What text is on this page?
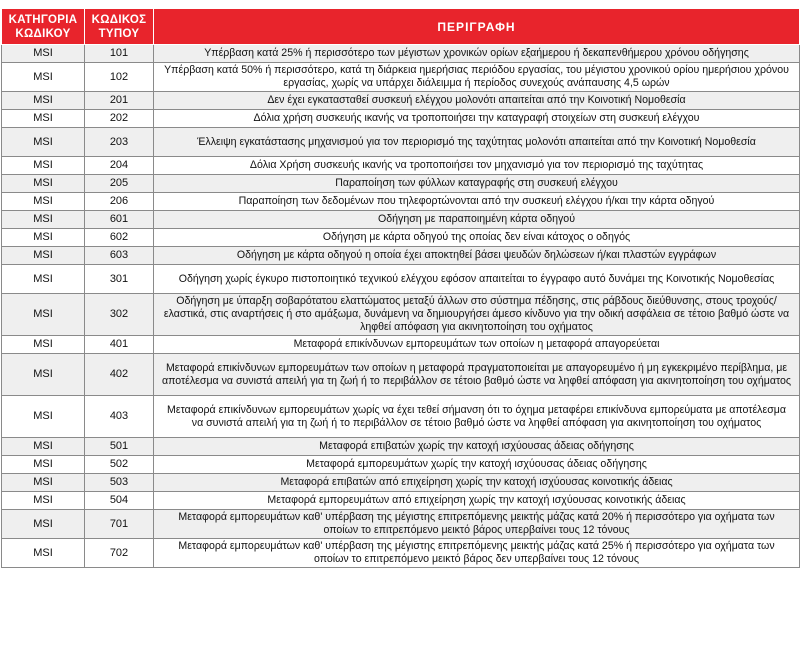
ΚΑΤΗΓΟΡΙΑ ΚΩΔΙΚΟΥ	ΚΩΔΙΚΟΣ ΤΥΠΟΥ	ΠΕΡΙΓΡΑΦΗ
MSI	101	Υπέρβαση κατά 25% ή περισσότερο των μέγιστων χρονικών ορίων εξαήμερου ή δεκαπενθήμερου χρόνου οδήγησης
MSI	102	Υπέρβαση κατά 50% ή περισσότερο, κατά τη διάρκεια ημερήσιας περιόδου εργασίας, του μέγιστου χρονικού ορίου ημερήσιου χρόνου εργασίας, χωρίς να υπάρχει διάλειμμα ή περίοδος συνεχούς ανάπαυσης 4,5 ωρών
MSI	201	Δεν έχει εγκατασταθεί συσκευή ελέγχου μολονότι απαιτείται από την Κοινοτική Νομοθεσία
MSI	202	Δόλια χρήση συσκευής ικανής να τροποποιήσει την καταγραφή στοιχείων στη συσκευή ελέγχου
MSI	203	Έλλειψη εγκατάστασης μηχανισμού για τον περιορισμό της ταχύτητας μολονότι απαιτείται από την Κοινοτική Νομοθεσία
MSI	204	Δόλια Χρήση συσκευής ικανής να τροποποιήσει τον μηχανισμό για τον περιορισμό της ταχύτητας
MSI	205	Παραποίηση των φύλλων καταγραφής στη συσκευή ελέγχου
MSI	206	Παραποίηση των δεδομένων που τηλεφορτώνονται από την συσκευή ελέγχου ή/και την κάρτα οδηγού
MSI	601	Οδήγηση με παραποιημένη κάρτα οδηγού
MSI	602	Οδήγηση με κάρτα οδηγού της οποίας δεν είναι κάτοχος ο οδηγός
MSI	603	Οδήγηση με κάρτα οδηγού η οποία έχει αποκτηθεί βάσει ψευδών δηλώσεων ή/και πλαστών εγγράφων
MSI	301	Οδήγηση χωρίς έγκυρο πιστοποιητικό τεχνικού ελέγχου εφόσον απαιτείται το έγγραφο αυτό δυνάμει της Κοινοτικής Νομοθεσίας
MSI	302	Οδήγηση με ύπαρξη σοβαρότατου ελαττώματος μεταξύ άλλων στο σύστημα πέδησης, στις ράβδους διεύθυνσης, στους τροχούς/ελαστικά, στις αναρτήσεις ή στο αμάξωμα, δυνάμενη να δημιουργήσει άμεσο κίνδυνο για την οδική ασφάλεια σε τέτοιο βαθμό ώστε να ληφθεί απόφαση για ακινητοποίηση του οχήματος
MSI	401	Μεταφορά επικίνδυνων εμπορευμάτων των οποίων η μεταφορά απαγορεύεται
MSI	402	Μεταφορά επικίνδυνων εμπορευμάτων των οποίων η μεταφορά πραγματοποιείται με απαγορευμένο ή μη εγκεκριμένο περίβλημα, με αποτέλεσμα να συνιστά απειλή για τη ζωή ή το περιβάλλον σε τέτοιο βαθμό ώστε να ληφθεί απόφαση για ακινητοποίηση του οχήματος
MSI	403	Μεταφορά επικίνδυνων εμπορευμάτων χωρίς να έχει τεθεί σήμανση ότι το όχημα μεταφέρει επικίνδυνα εμπορεύματα με αποτέλεσμα να συνιστά απειλή για τη ζωή ή το περιβάλλον σε τέτοιο βαθμό ώστε να ληφθεί απόφαση για ακινητοποίηση του οχήματος
MSI	501	Μεταφορά επιβατών χωρίς την κατοχή ισχύουσας άδειας οδήγησης
MSI	502	Μεταφορά εμπορευμάτων χωρίς την κατοχή ισχύουσας άδειας οδήγησης
MSI	503	Μεταφορά επιβατών από επιχείρηση χωρίς την κατοχή ισχύουσας κοινοτικής άδειας
MSI	504	Μεταφορά εμπορευμάτων από επιχείρηση χωρίς την κατοχή ισχύουσας κοινοτικής άδειας
MSI	701	Μεταφορά εμπορευμάτων καθ' υπέρβαση της μέγιστης επιτρεπόμενης μεικτής μάζας κατά 20% ή περισσότερο για οχήματα των οποίων το επιτρεπόμενο μεικτό βάρος υπερβαίνει τους 12 τόνους
MSI	702	Μεταφορά εμπορευμάτων καθ' υπέρβαση της μέγιστης επιτρεπόμενης μεικτής μάζας κατά 25% ή περισσότερο για οχήματα των οποίων το επιτρεπόμενο μεικτό βάρος δεν υπερβαίνει τους 12 τόνους
